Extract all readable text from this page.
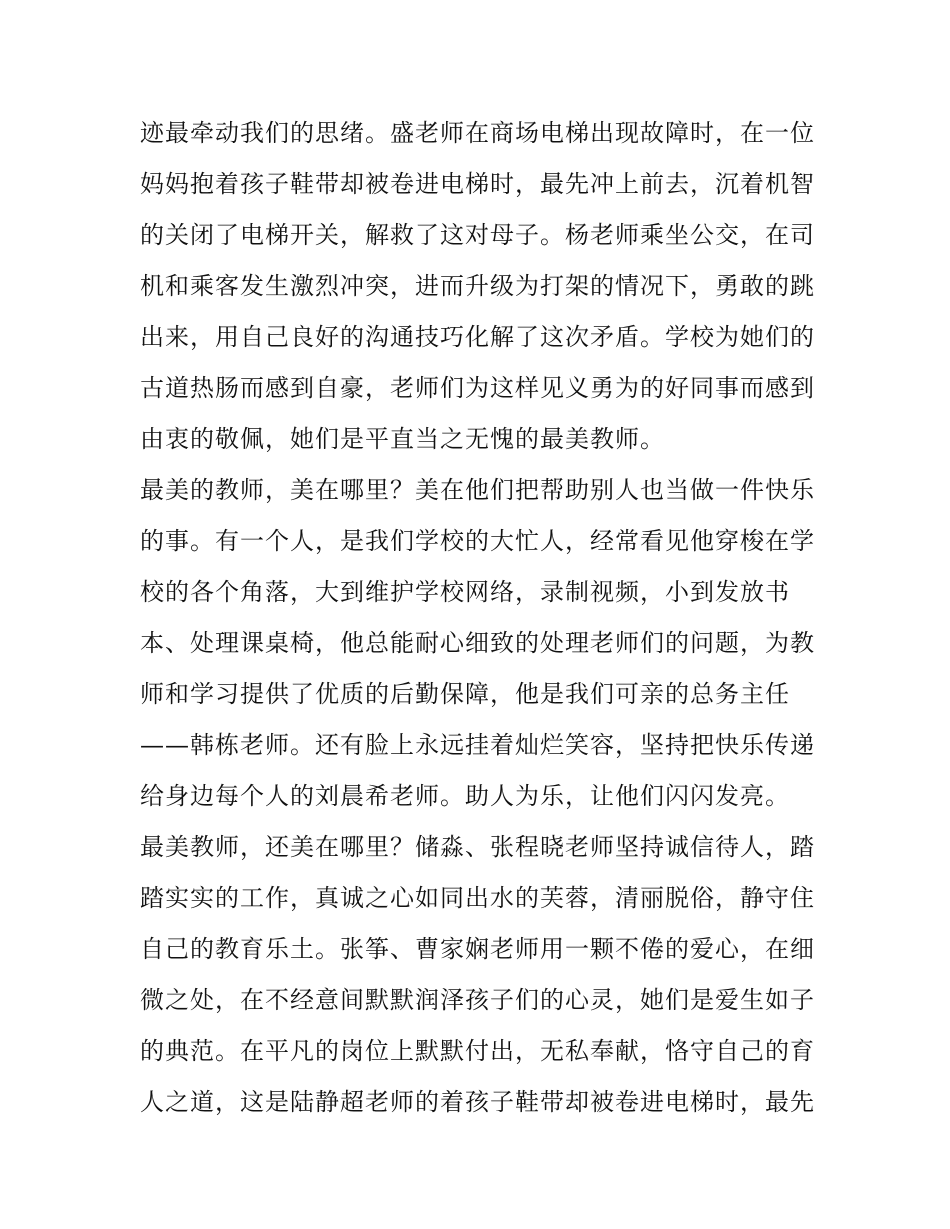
迹最牵动我们的思绪。盛老师在商场电梯出现故障时，在一位
妈妈抱着孩子鞋带却被卷进电梯时，最先冲上前去，沉着机智
的关闭了电梯开关，解救了这对母子。杨老师乘坐公交，在司
机和乘客发生激烈冲突，进而升级为打架的情况下，勇敢的跳
出来，用自己良好的沟通技巧化解了这次矛盾。学校为她们的
古道热肠而感到自豪，老师们为这样见义勇为的好同事而感到
由衷的敬佩，她们是平直当之无愧的最美教师。
最美的教师，美在哪里？美在他们把帮助别人也当做一件快乐
的事。有一个人，是我们学校的大忙人，经常看见他穿梭在学
校的各个角落，大到维护学校网络，录制视频，小到发放书
本、处理课桌椅，他总能耐心细致的处理老师们的问题，为教
师和学习提供了优质的后勤保障，他是我们可亲的总务主任
——韩栋老师。还有脸上永远挂着灿烂笑容，坚持把快乐传递
给身边每个人的刘晨希老师。助人为乐，让他们闪闪发亮。
最美教师，还美在哪里？储淼、张程晓老师坚持诚信待人，踏
踏实实的工作，真诚之心如同出水的芙蓉，清丽脱俗，静守住
自己的教育乐土。张筝、曹家娴老师用一颗不倦的爱心，在细
微之处，在不经意间默默润泽孩子们的心灵，她们是爱生如子
的典范。在平凡的岗位上默默付出，无私奉献，恪守自己的育
人之道，这是陆静超老师的着孩子鞋带却被卷进电梯时，最先
